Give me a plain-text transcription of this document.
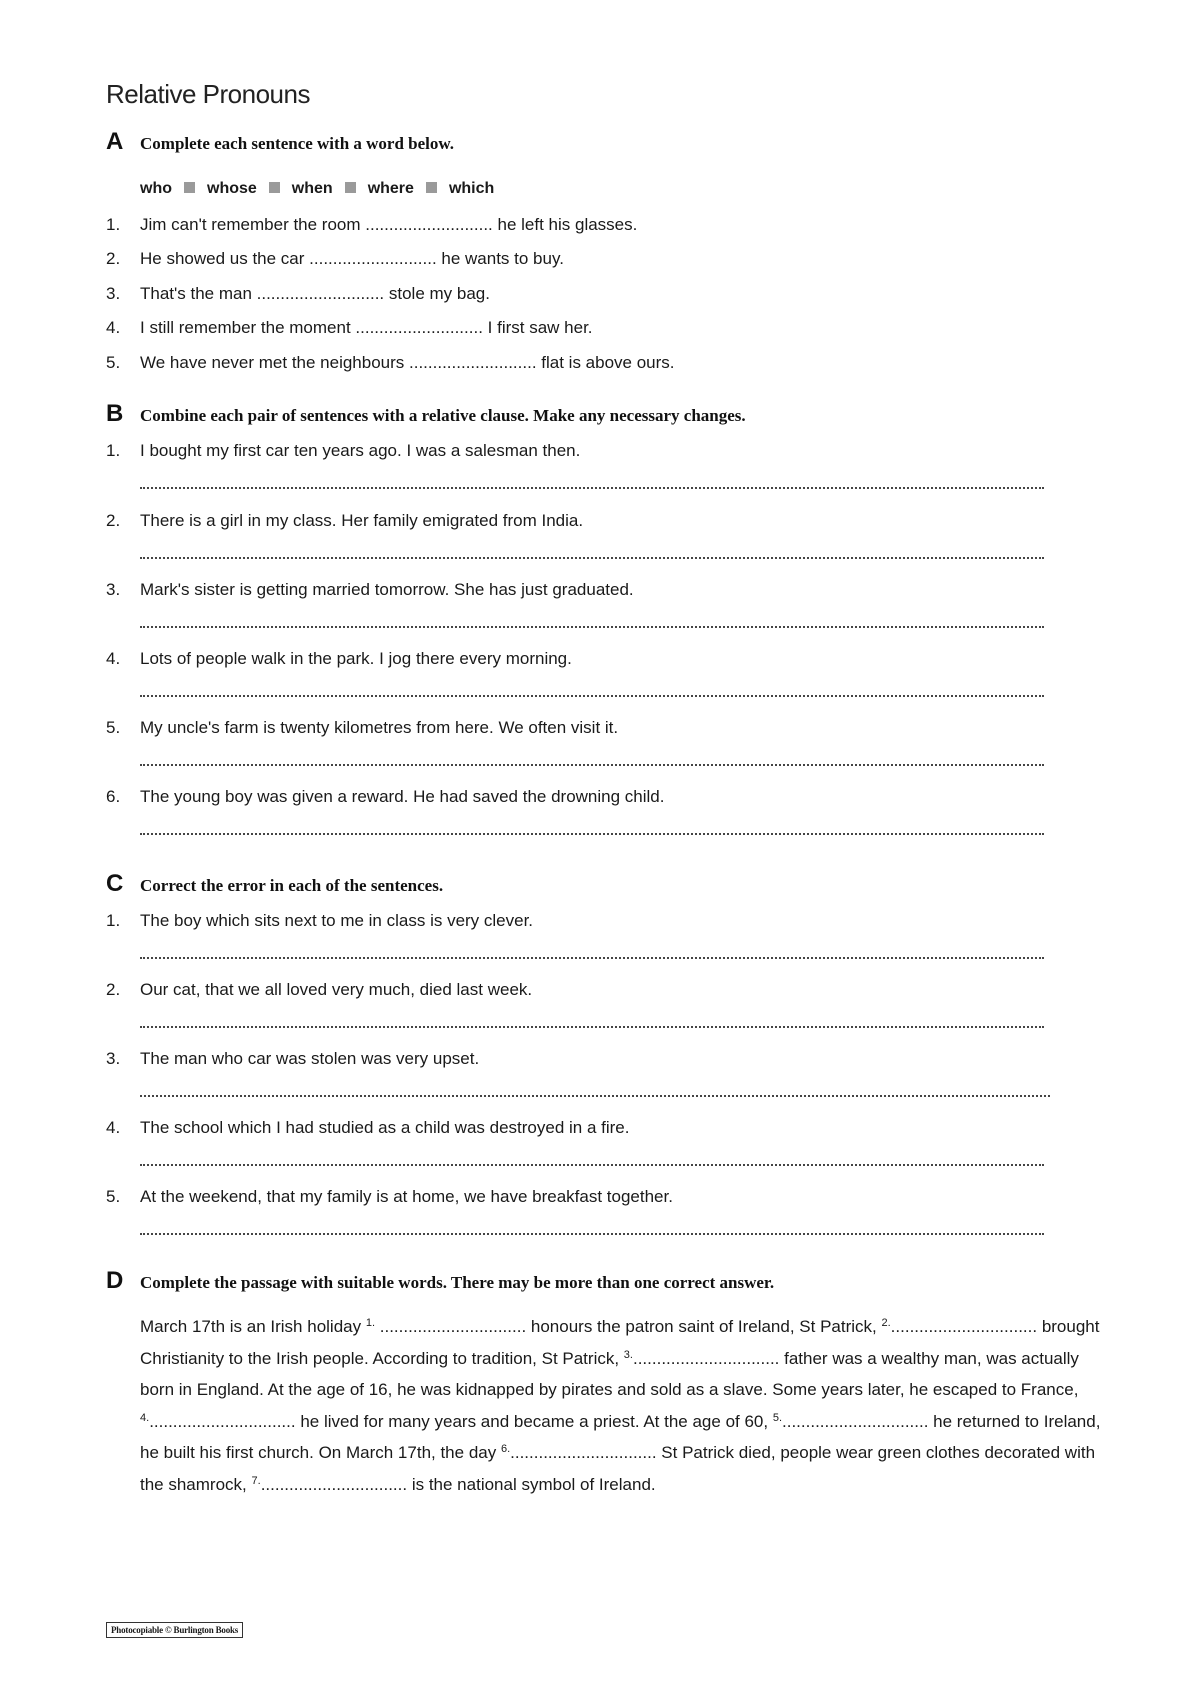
Relative Pronouns
A Complete each sentence with a word below.
who whose when where which
1. Jim can't remember the room ........................... he left his glasses.
2. He showed us the car ........................... he wants to buy.
3. That's the man ........................... stole my bag.
4. I still remember the moment ........................... I first saw her.
5. We have never met the neighbours ........................... flat is above ours.
B Combine each pair of sentences with a relative clause. Make any necessary changes.
1. I bought my first car ten years ago. I was a salesman then.
2. There is a girl in my class. Her family emigrated from India.
3. Mark's sister is getting married tomorrow. She has just graduated.
4. Lots of people walk in the park. I jog there every morning.
5. My uncle's farm is twenty kilometres from here. We often visit it.
6. The young boy was given a reward. He had saved the drowning child.
C Correct the error in each of the sentences.
1. The boy which sits next to me in class is very clever.
2. Our cat, that we all loved very much, died last week.
3. The man who car was stolen was very upset.
4. The school which I had studied as a child was destroyed in a fire.
5. At the weekend, that my family is at home, we have breakfast together.
D Complete the passage with suitable words. There may be more than one correct answer.
March 17th is an Irish holiday $^{1.}$ ............................... honours the patron saint of Ireland, St Patrick, $^{2.}$............................... brought Christianity to the Irish people. According to tradition, St Patrick, $^{3.}$............................... father was a wealthy man, was actually born in England. At the age of 16, he was kidnapped by pirates and sold as a slave. Some years later, he escaped to France, $^{4.}$............................... he lived for many years and became a priest. At the age of 60, $^{5.}$............................... he returned to Ireland, he built his first church. On March 17th, the day $^{6.}$............................... St Patrick died, people wear green clothes decorated with the shamrock, $^{7.}$............................... is the national symbol of Ireland.
Photocopiable © Burlington Books
